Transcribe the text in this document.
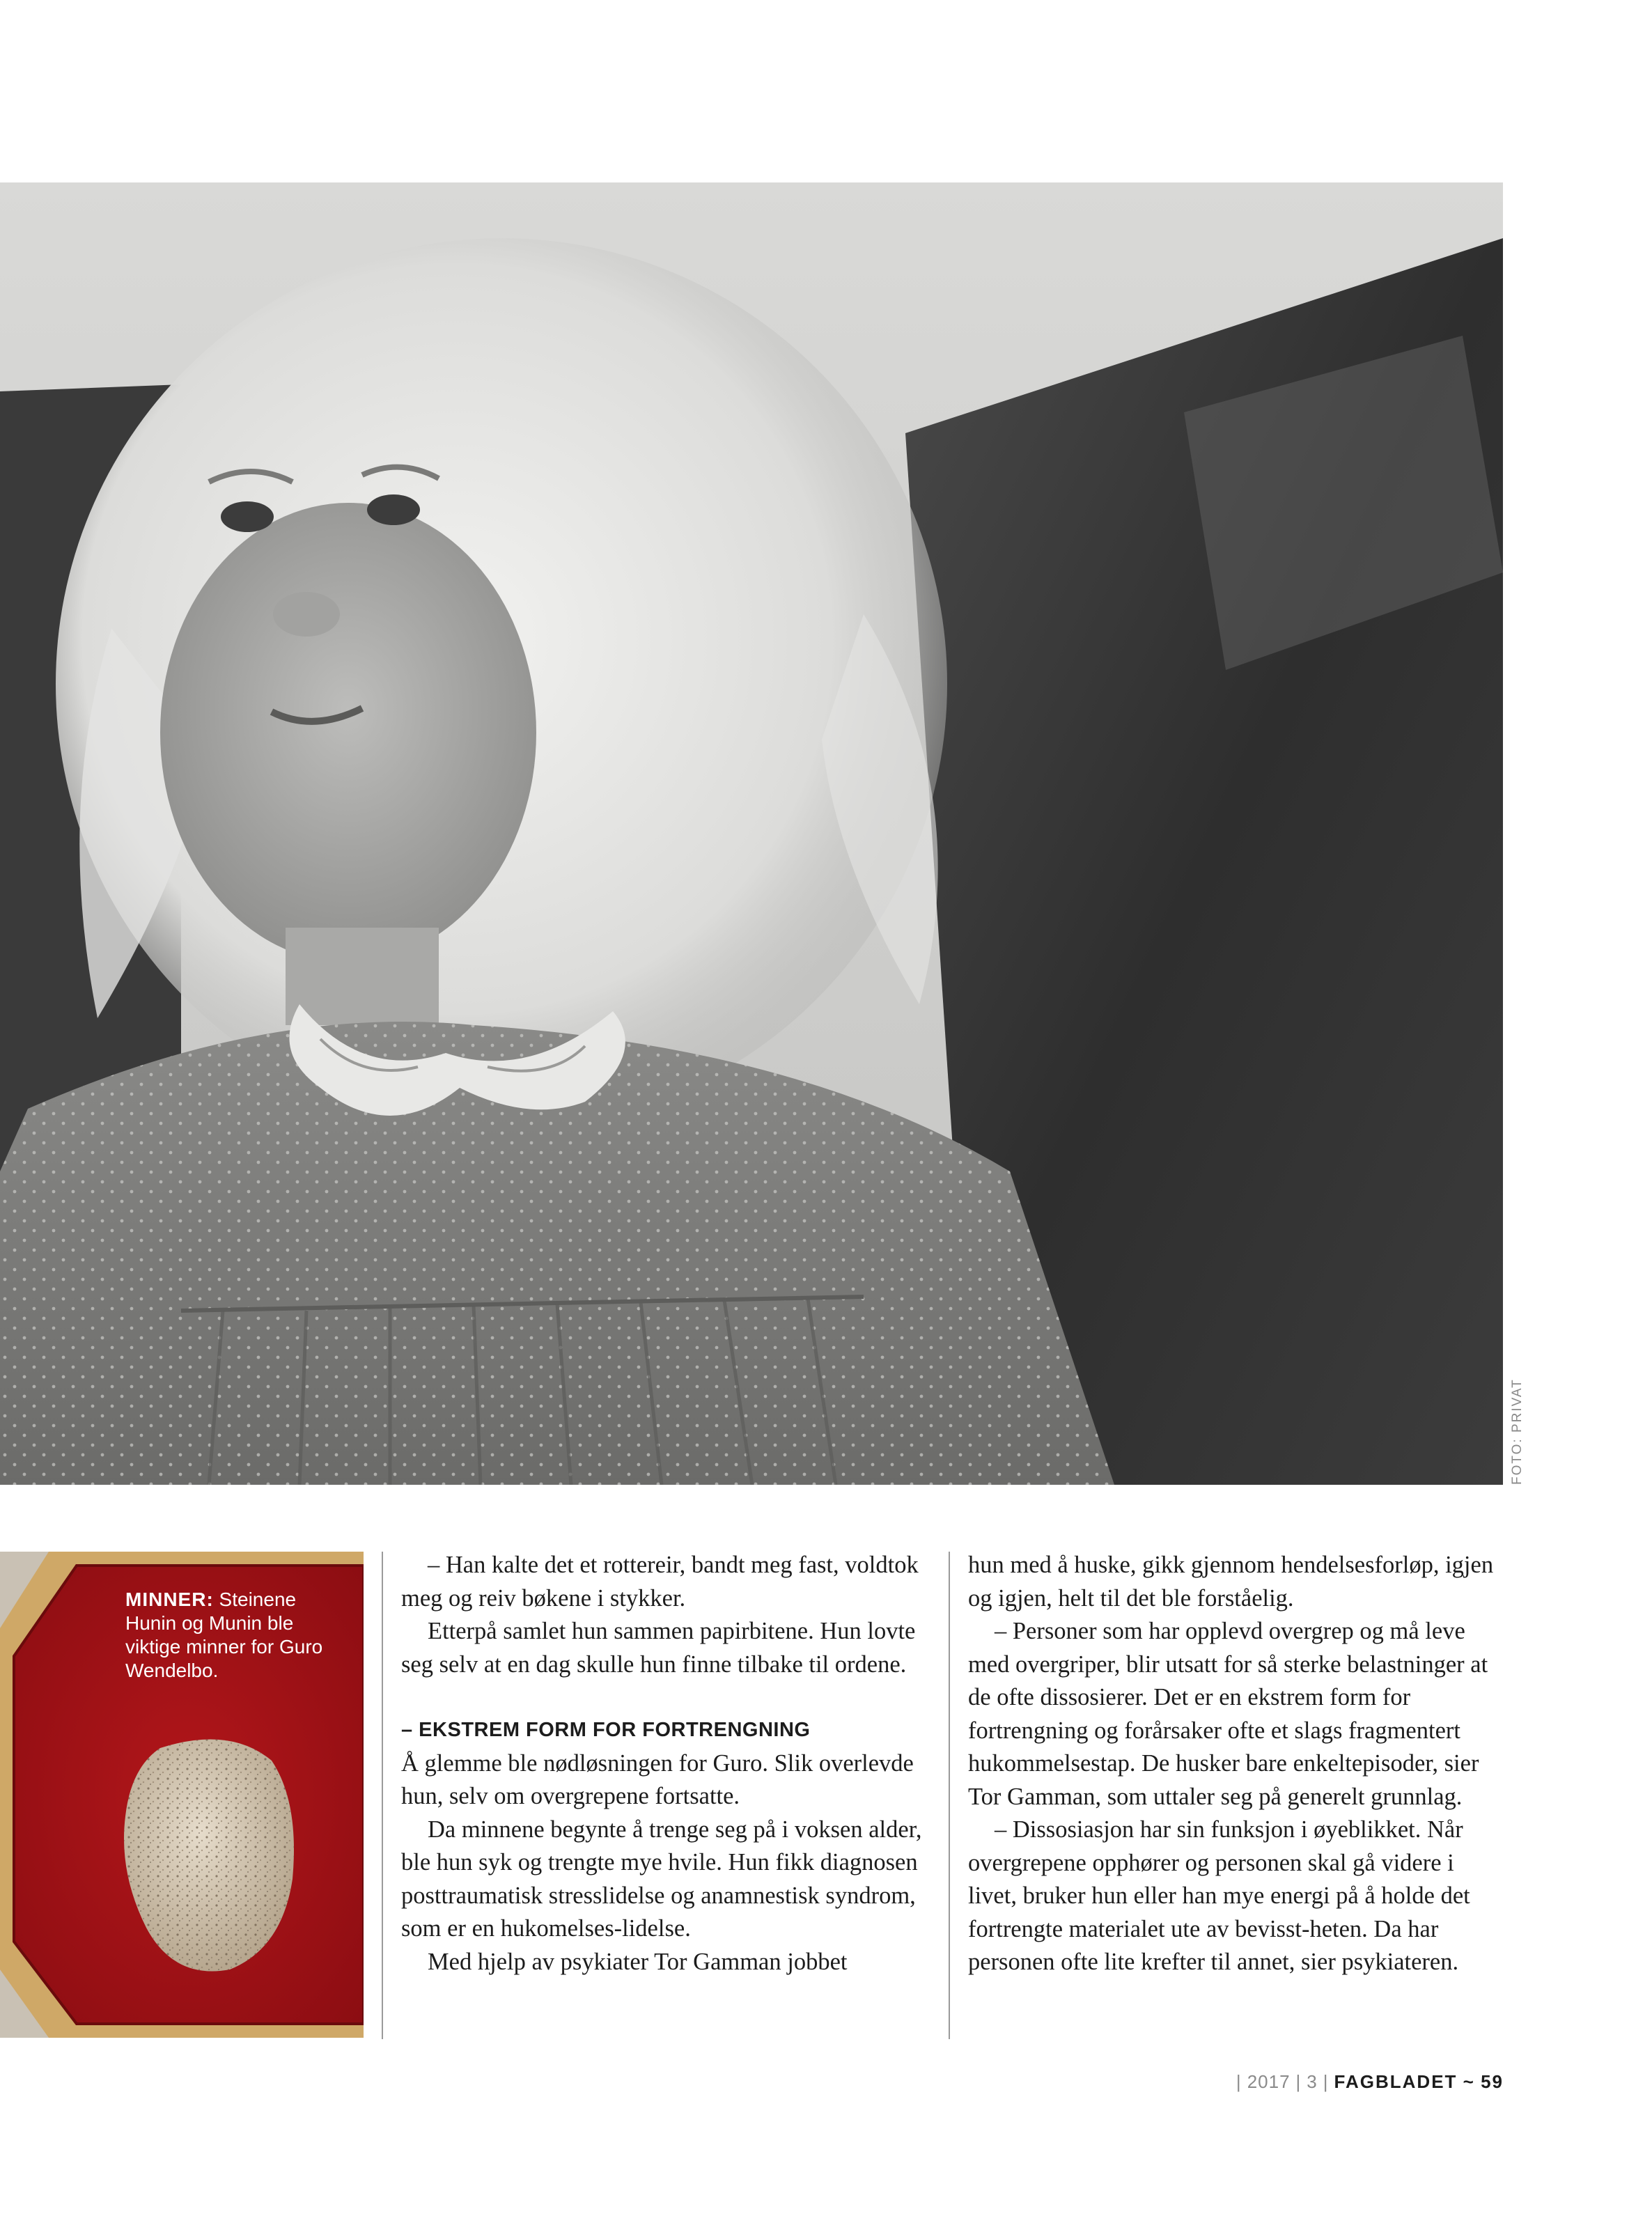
FOTO: PRIVAT
MINNER: Steinene Hunin og Munin ble viktige minner for Guro Wendelbo.

– Han kalte det et rottereir, bandt meg fast, voldtok meg og reiv bøkene i stykker.

Etterpå samlet hun sammen papirbitene. Hun lovte seg selv at en dag skulle hun finne tilbake til ordene.

– EKSTREM FORM FOR FORTRENGNING

Å glemme ble nødløsningen for Guro. Slik overlevde hun, selv om overgrepene fortsatte.

Da minnene begynte å trenge seg på i voksen alder, ble hun syk og trengte mye hvile. Hun fikk diagnosen posttraumatisk stresslidelse og anamnestisk syndrom, som er en hukomelses-lidelse.

Med hjelp av psykiater Tor Gamman jobbet

hun med å huske, gikk gjennom hendelsesforløp, igjen og igjen, helt til det ble forståelig.

– Personer som har opplevd overgrep og må leve med overgriper, blir utsatt for så sterke belastninger at de ofte dissosierer. Det er en ekstrem form for fortrengning og forårsaker ofte et slags fragmentert hukommelsestap. De husker bare enkeltepisoder, sier Tor Gamman, som uttaler seg på generelt grunnlag.

– Dissosiasjon har sin funksjon i øyeblikket. Når overgrepene opphører og personen skal gå videre i livet, bruker hun eller han mye energi på å holde det fortrengte materialet ute av bevisst-heten. Da har personen ofte lite krefter til annet, sier psykiateren.

| 2017 | 3 | FAGBLADET ~ 59
